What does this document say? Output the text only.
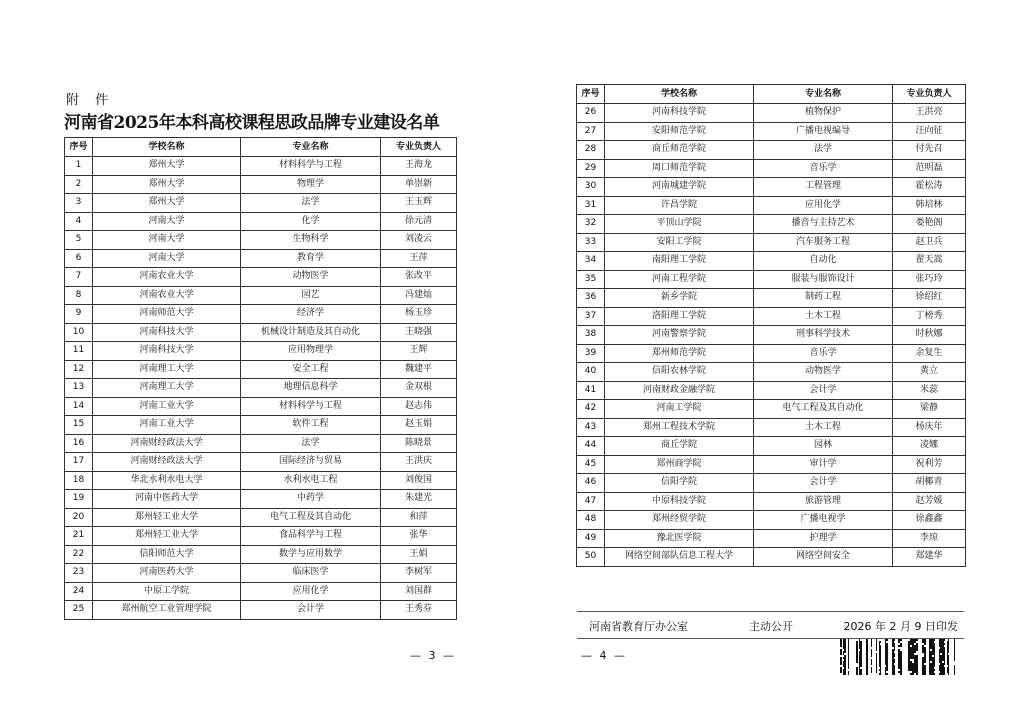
附 件
河南省2025年本科高校课程思政品牌专业建设名单
序号	学校名称	专业名称	专业负责人
1	郑州大学	材料科学与工程	王海龙
2	郑州大学	物理学	单崇新
3	郑州大学	法学	王玉辉
4	河南大学	化学	徐元清
5	河南大学	生物科学	刘凌云
6	河南大学	教育学	王萍
7	河南农业大学	动物医学	张改平
8	河南农业大学	园艺	冯建灿
9	河南师范大学	经济学	杨玉珍
10	河南科技大学	机械设计制造及其自动化	王晓强
11	河南科技大学	应用物理学	王辉
12	河南理工大学	安全工程	魏建平
13	河南理工大学	地理信息科学	金双根
14	河南工业大学	材料科学与工程	赵志伟
15	河南工业大学	软件工程	赵玉娟
16	河南财经政法大学	法学	陈晓景
17	河南财经政法大学	国际经济与贸易	王洪庆
18	华北水利水电大学	水利水电工程	刘俊国
19	河南中医药大学	中药学	朱建光
20	郑州轻工业大学	电气工程及其自动化	和萍
21	郑州轻工业大学	食品科学与工程	张华
22	信阳师范大学	数学与应用数学	王娟
23	河南医药大学	临床医学	李树军
24	中原工学院	应用化学	刘国群
25	郑州航空工业管理学院	会计学	王秀芬
— 3 —
序号	学校名称	专业名称	专业负责人
26	河南科技学院	植物保护	王洪亮
27	安阳师范学院	广播电视编导	汪向征
28	商丘师范学院	法学	付先召
29	周口师范学院	音乐学	范明磊
30	河南城建学院	工程管理	霍松涛
31	许昌学院	应用化学	韩培林
32	平顶山学院	播音与主持艺术	娄艳阁
33	安阳工学院	汽车服务工程	赵卫兵
34	南阳理工学院	自动化	翟天嵩
35	河南工程学院	服装与服饰设计	张巧玲
36	新乡学院	制药工程	徐绍红
37	洛阳理工学院	土木工程	丁榜秀
38	河南警察学院	刑事科学技术	时秋娜
39	郑州师范学院	音乐学	余复生
40	信阳农林学院	动物医学	黄立
41	河南财政金融学院	会计学	米蕊
42	河南工学院	电气工程及其自动化	梁静
43	郑州工程技术学院	土木工程	杨庆年
44	商丘学院	园林	凌娜
45	郑州商学院	审计学	祝利芳
46	信阳学院	会计学	胡椰青
47	中原科技学院	旅游管理	赵芳媛
48	郑州经贸学院	广播电视学	徐鑫鑫
49	豫北医学院	护理学	李琼
50	网络空间部队信息工程大学	网络空间安全	郑建华
河南省教育厅办公室	主动公开	2026 年 2 月 9 日印发
— 4 —
